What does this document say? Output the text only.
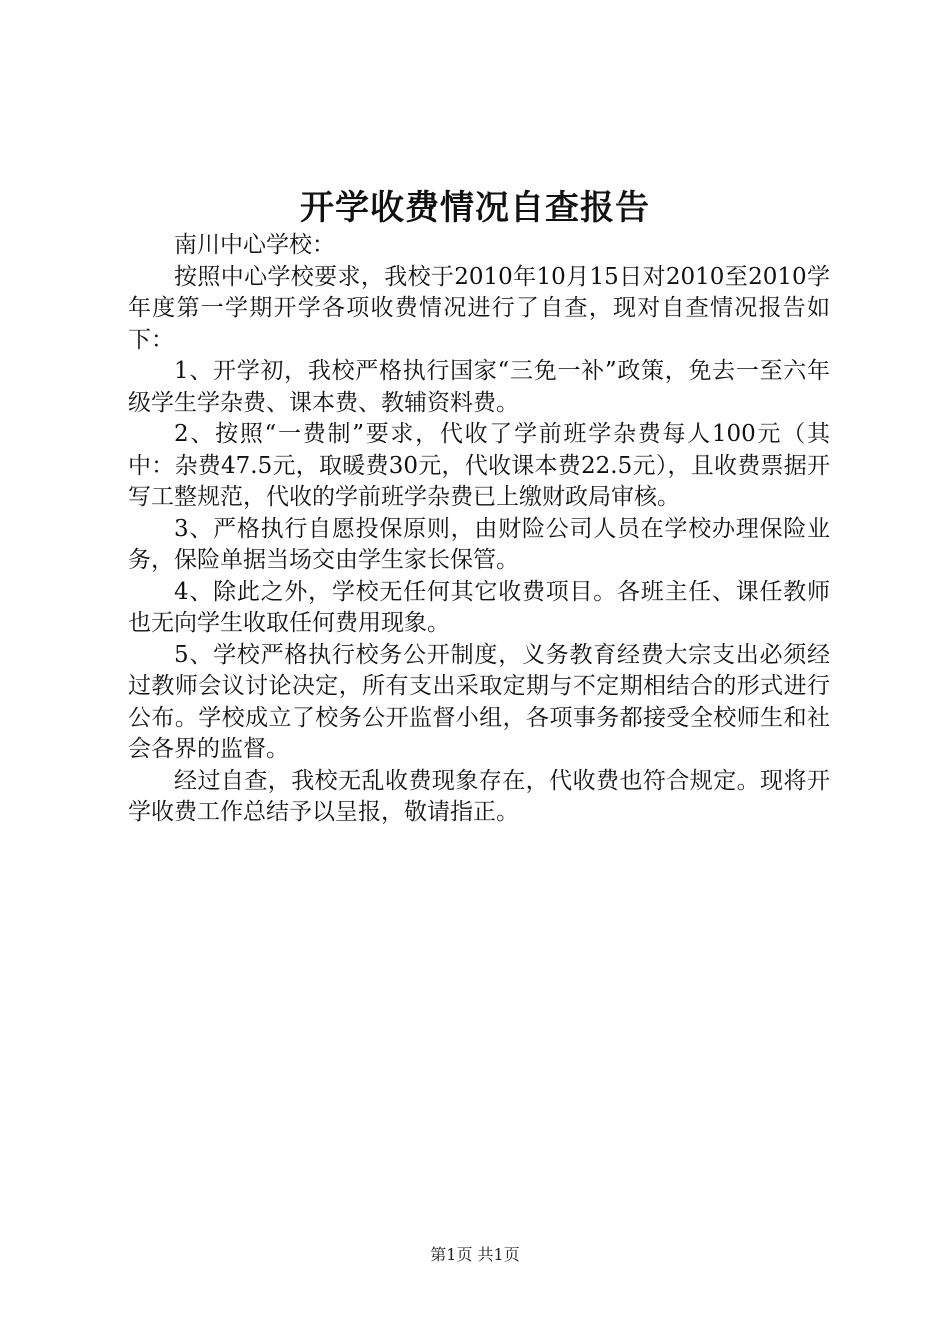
开学收费情况自查报告

南川中心学校：

按照中心学校要求，我校于2010年10月15日对2010至2010学年度第一学期开学各项收费情况进行了自查，现对自查情况报告如下：

1、开学初，我校严格执行国家“三免一补”政策，免去一至六年级学生学杂费、课本费、教辅资料费。

2、按照“一费制”要求，代收了学前班学杂费每人100元（其中：杂费47.5元，取暖费30元，代收课本费22.5元），且收费票据开写工整规范，代收的学前班学杂费已上缴财政局审核。

3、严格执行自愿投保原则，由财险公司人员在学校办理保险业务，保险单据当场交由学生家长保管。

4、除此之外，学校无任何其它收费项目。各班主任、课任教师也无向学生收取任何费用现象。

5、学校严格执行校务公开制度，义务教育经费大宗支出必须经过教师会议讨论决定，所有支出采取定期与不定期相结合的形式进行公布。学校成立了校务公开监督小组，各项事务都接受全校师生和社会各界的监督。

经过自查，我校无乱收费现象存在，代收费也符合规定。现将开学收费工作总结予以呈报，敬请指正。

第1页 共1页
